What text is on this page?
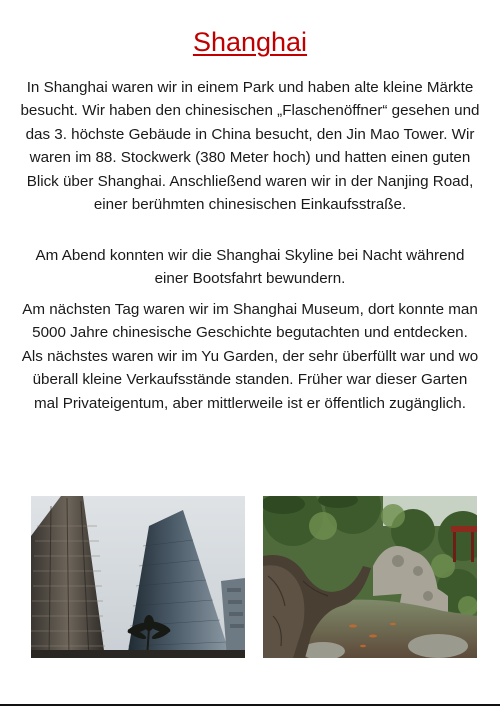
Shanghai
In Shanghai waren wir in einem Park und haben alte kleine Märkte besucht. Wir haben den chinesischen „Flaschenöffner“ gesehen und das 3. höchste Gebäude in China besucht, den Jin Mao Tower. Wir waren im 88. Stockwerk (380 Meter hoch) und hatten einen guten Blick über Shanghai. Anschließend waren wir in der Nanjing Road, einer berühmten chinesischen Einkaufsstraße.
Am Abend konnten wir die Shanghai Skyline bei Nacht während einer Bootsfahrt bewundern.
Am nächsten Tag waren wir im Shanghai Museum, dort konnte man 5000 Jahre chinesische Geschichte begutachten und entdecken. Als nächstes waren wir im Yu Garden, der sehr überfüllt war und wo überall kleine Verkaufsstände standen. Früher war dieser Garten mal Privateigentum, aber mittlerweile ist er öffentlich zugänglich.
